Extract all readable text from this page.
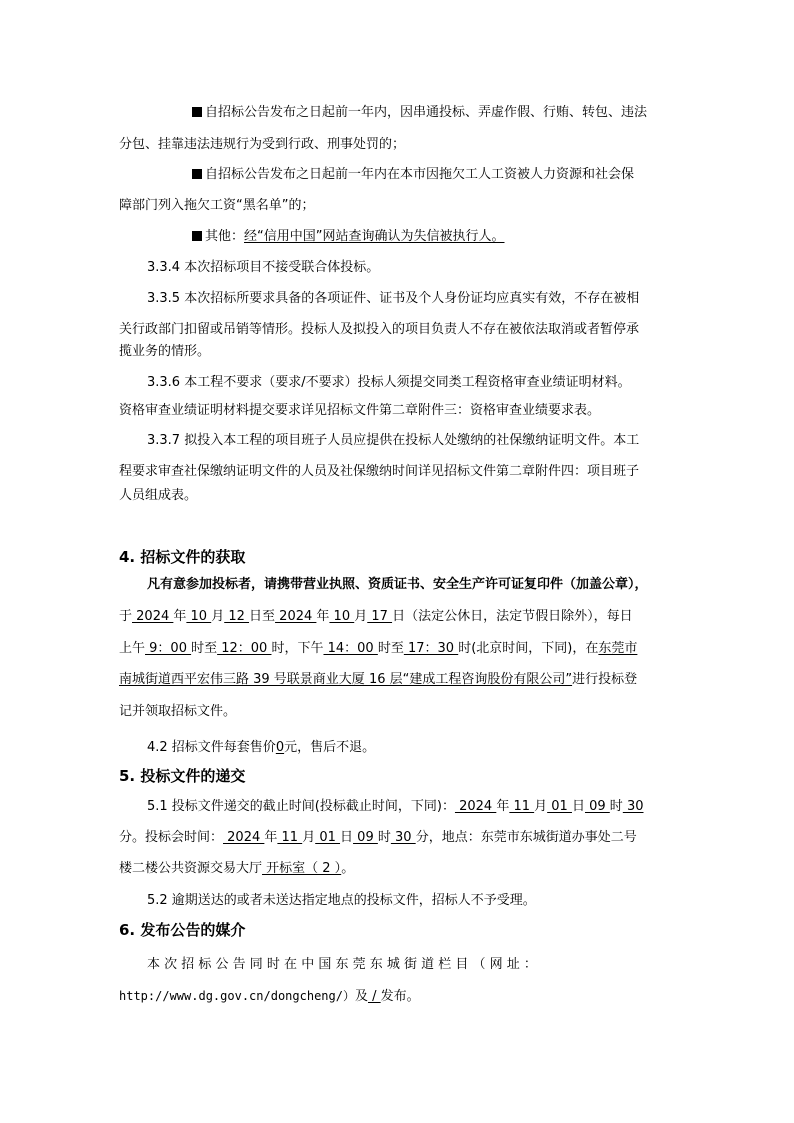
自招标公告发布之日起前一年内，因串通投标、弄虚作假、行贿、转包、违法
分包、挂靠违法违规行为受到行政、刑事处罚的；
自招标公告发布之日起前一年内在本市因拖欠工人工资被人力资源和社会保
障部门列入拖欠工资“黑名单”的；
其他：经“信用中国”网站查询确认为失信被执行人。
3.3.4 本次招标项目不接受联合体投标。
3.3.5 本次招标所要求具备的各项证件、证书及个人身份证均应真实有效，不存在被相
关行政部门扣留或吊销等情形。投标人及拟投入的项目负责人不存在被依法取消或者暂停承
揽业务的情形。
3.3.6 本工程不要求（要求/不要求）投标人须提交同类工程资格审查业绩证明材料。
资格审查业绩证明材料提交要求详见招标文件第二章附件三：资格审查业绩要求表。
3.3.7 拟投入本工程的项目班子人员应提供在投标人处缴纳的社保缴纳证明文件。本工
程要求审查社保缴纳证明文件的人员及社保缴纳时间详见招标文件第二章附件四：项目班子
人员组成表。
4. 招标文件的获取
凡有意参加投标者，请携带营业执照、资质证书、安全生产许可证复印件（加盖公章），
于 2024 年 10 月 12 日至 2024 年 10 月 17 日（法定公休日，法定节假日除外），每日
上午 9：00 时至 12：00 时，下午 14：00 时至 17：30 时(北京时间，下同)，在东莞市
南城街道西平宏伟三路 39 号联景商业大厦 16 层“建成工程咨询股份有限公司”进行投标登
记并领取招标文件。
4.2 招标文件每套售价0元，售后不退。
5. 投标文件的递交
5.1 投标文件递交的截止时间(投标截止时间，下同)： 2024 年 11 月 01 日 09 时 30
分。投标会时间： 2024 年 11 月 01 日 09 时 30 分，地点：东莞市东城街道办事处二号
楼二楼公共资源交易大厅 开标室（ 2 ）。
5.2 逾期送达的或者未送达指定地点的投标文件，招标人不予受理。
6. 发布公告的媒介
本 次 招 标 公 告 同 时 在 中 国 东 莞 东 城 街 道 栏 目 （ 网 址 ：
http://www.dg.gov.cn/dongcheng/）及 / 发布。
